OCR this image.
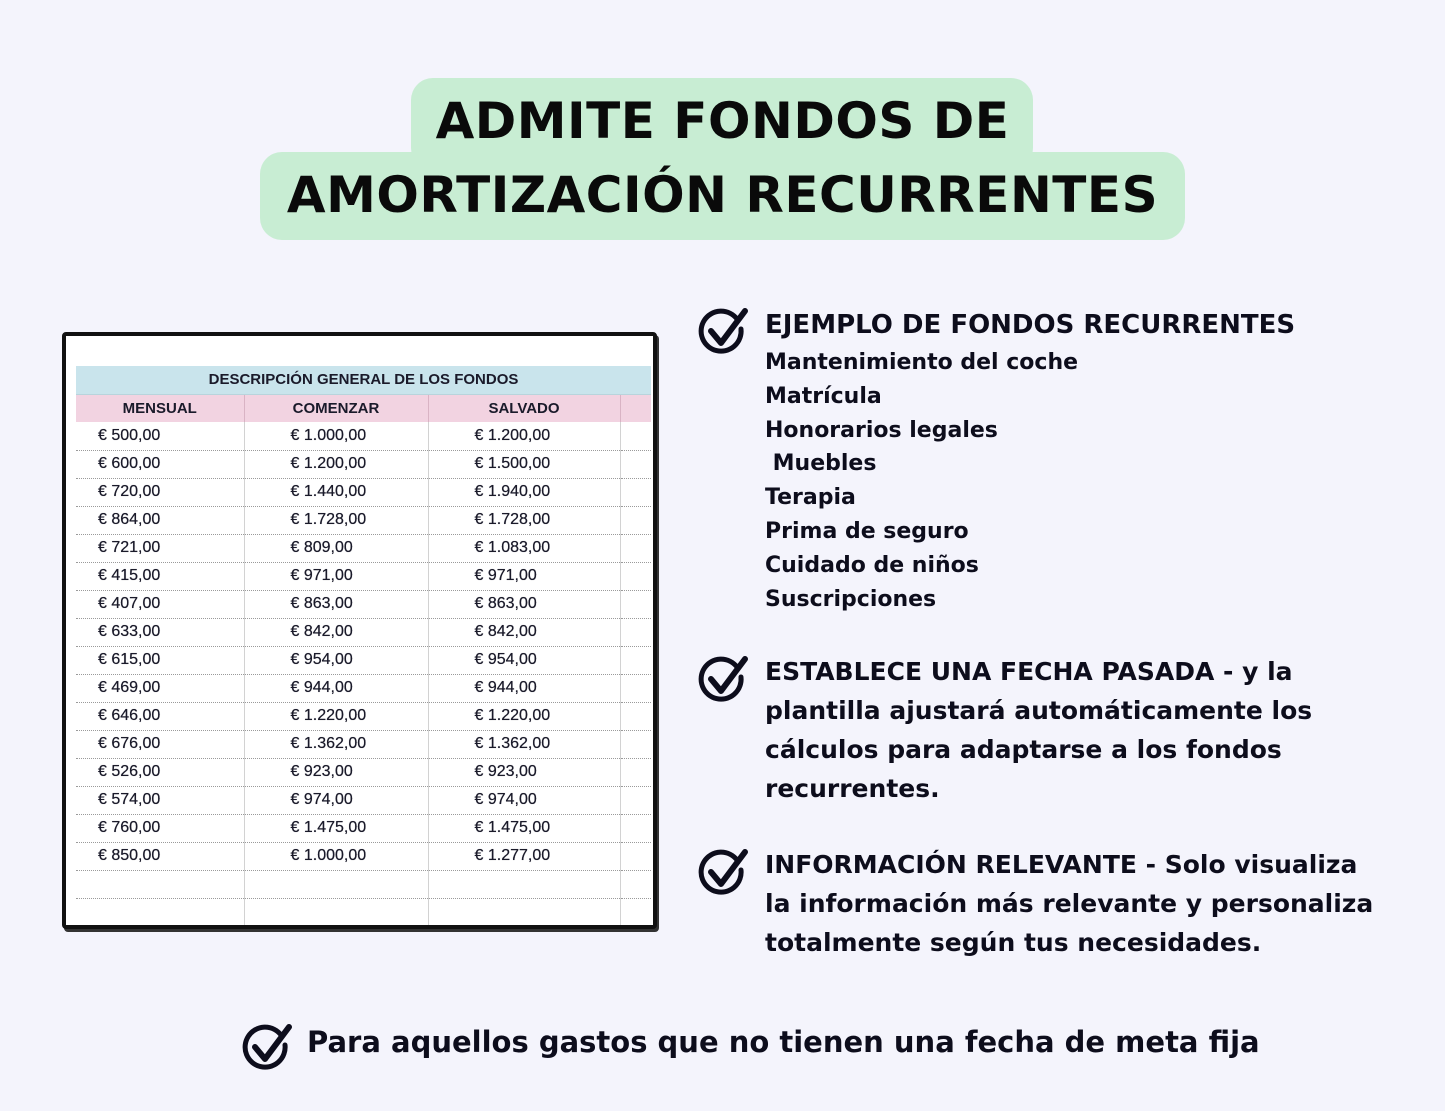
ADMITE FONDOS DE
AMORTIZACIÓN RECURRENTES
DESCRIPCIÓN GENERAL DE LOS FONDOS			
MENSUAL	COMENZAR	SALVADO	
€ 500,00	€ 1.000,00	€ 1.200,00	
€ 600,00	€ 1.200,00	€ 1.500,00	
€ 720,00	€ 1.440,00	€ 1.940,00	
€ 864,00	€ 1.728,00	€ 1.728,00	
€ 721,00	€ 809,00	€ 1.083,00	
€ 415,00	€ 971,00	€ 971,00	
€ 407,00	€ 863,00	€ 863,00	
€ 633,00	€ 842,00	€ 842,00	
€ 615,00	€ 954,00	€ 954,00	
€ 469,00	€ 944,00	€ 944,00	
€ 646,00	€ 1.220,00	€ 1.220,00	
€ 676,00	€ 1.362,00	€ 1.362,00	
€ 526,00	€ 923,00	€ 923,00	
€ 574,00	€ 974,00	€ 974,00	
€ 760,00	€ 1.475,00	€ 1.475,00	
€ 850,00	€ 1.000,00	€ 1.277,00	

EJEMPLO DE FONDOS RECURRENTES
Mantenimiento del coche
Matrícula
Honorarios legales
Muebles
Terapia
Prima de seguro
Cuidado de niños
Suscripciones
ESTABLECE UNA FECHA PASADA - y la plantilla ajustará automáticamente los cálculos para adaptarse a los fondos recurrentes.
INFORMACIÓN RELEVANTE - Solo visualiza la información más relevante y personaliza totalmente según tus necesidades.
Para aquellos gastos que no tienen una fecha de meta fija
